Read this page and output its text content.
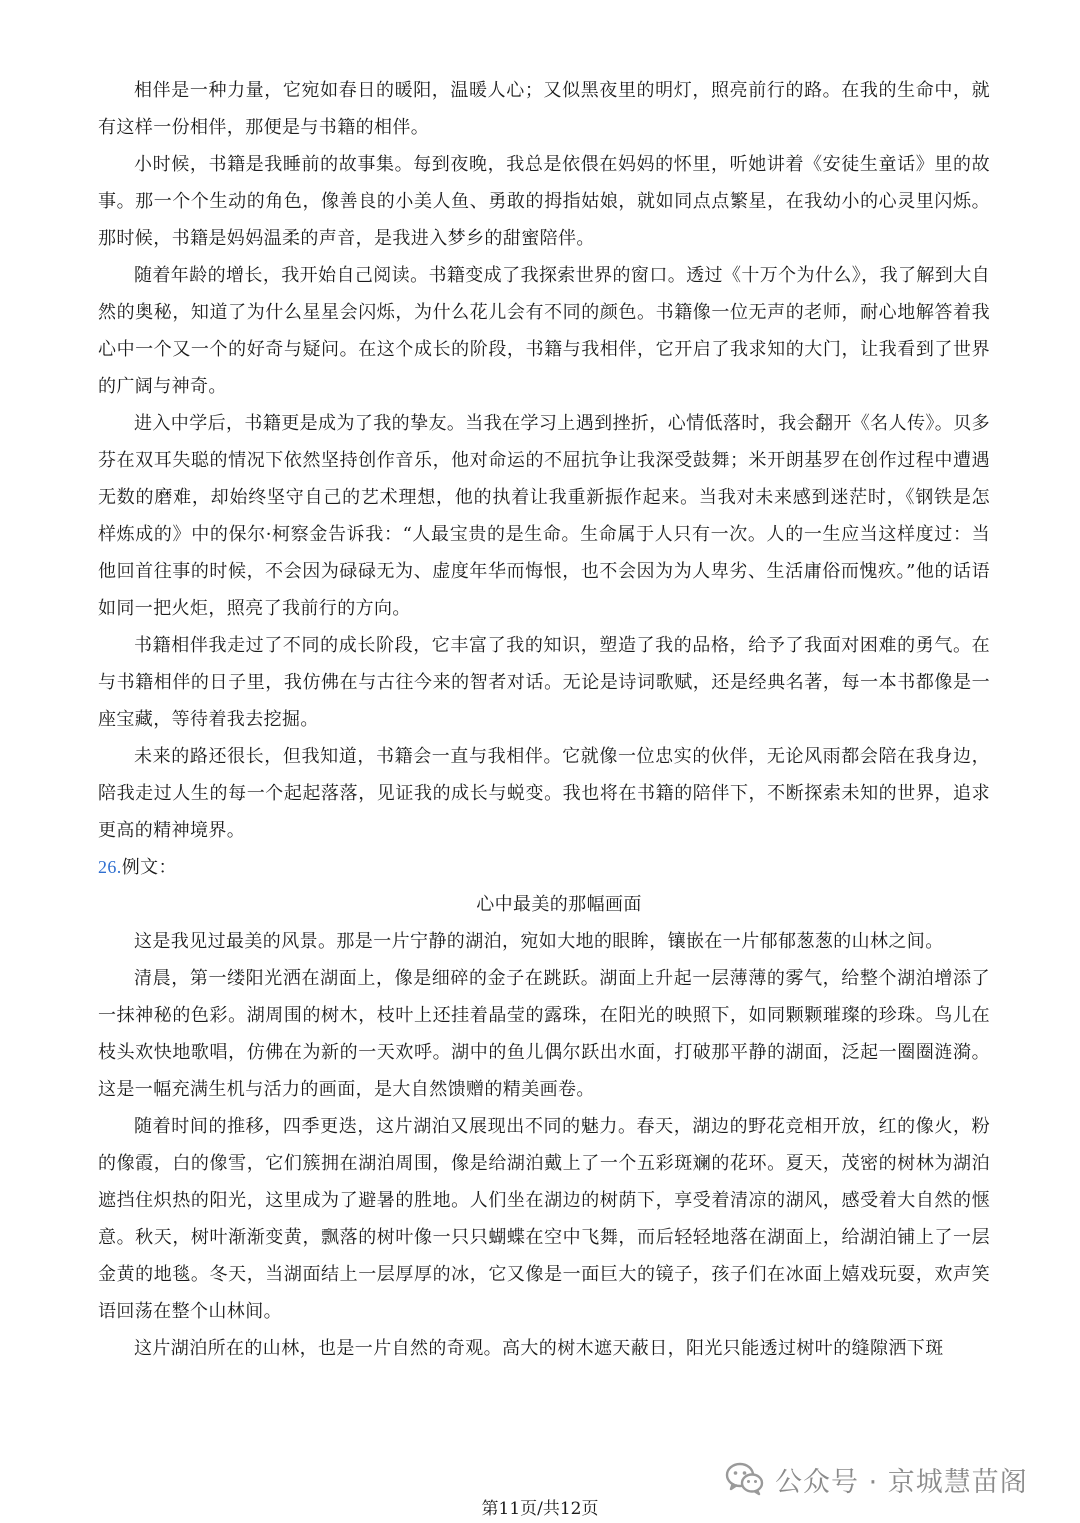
相伴是一种力量，它宛如春日的暖阳，温暖人心；又似黑夜里的明灯，照亮前行的路。在我的生命中，就有这样一份相伴，那便是与书籍的相伴。

小时候，书籍是我睡前的故事集。每到夜晚，我总是依偎在妈妈的怀里，听她讲着《安徒生童话》里的故事。那一个个生动的角色，像善良的小美人鱼、勇敢的拇指姑娘，就如同点点繁星，在我幼小的心灵里闪烁。那时候，书籍是妈妈温柔的声音，是我进入梦乡的甜蜜陪伴。

随着年龄的增长，我开始自己阅读。书籍变成了我探索世界的窗口。透过《十万个为什么》，我了解到大自然的奥秘，知道了为什么星星会闪烁，为什么花儿会有不同的颜色。书籍像一位无声的老师，耐心地解答着我心中一个又一个的好奇与疑问。在这个成长的阶段，书籍与我相伴，它开启了我求知的大门，让我看到了世界的广阔与神奇。

进入中学后，书籍更是成为了我的挚友。当我在学习上遇到挫折，心情低落时，我会翻开《名人传》。贝多芬在双耳失聪的情况下依然坚持创作音乐，他对命运的不屈抗争让我深受鼓舞；米开朗基罗在创作过程中遭遇无数的磨难，却始终坚守自己的艺术理想，他的执着让我重新振作起来。当我对未来感到迷茫时，《钢铁是怎样炼成的》中的保尔·柯察金告诉我：“人最宝贵的是生命。生命属于人只有一次。人的一生应当这样度过：当他回首往事的时候，不会因为碌碌无为、虚度年华而悔恨，也不会因为为人卑劣、生活庸俗而愧疚。”他的话语如同一把火炬，照亮了我前行的方向。

书籍相伴我走过了不同的成长阶段，它丰富了我的知识，塑造了我的品格，给予了我面对困难的勇气。在与书籍相伴的日子里，我仿佛在与古往今来的智者对话。无论是诗词歌赋，还是经典名著，每一本书都像是一座宝藏，等待着我去挖掘。

未来的路还很长，但我知道，书籍会一直与我相伴。它就像一位忠实的伙伴，无论风雨都会陪在我身边，陪我走过人生的每一个起起落落，见证我的成长与蜕变。我也将在书籍的陪伴下，不断探索未知的世界，追求更高的精神境界。

26.例文：

心中最美的那幅画面

这是我见过最美的风景。那是一片宁静的湖泊，宛如大地的眼眸，镶嵌在一片郁郁葱葱的山林之间。

清晨，第一缕阳光洒在湖面上，像是细碎的金子在跳跃。湖面上升起一层薄薄的雾气，给整个湖泊增添了一抹神秘的色彩。湖周围的树木，枝叶上还挂着晶莹的露珠，在阳光的映照下，如同颗颗璀璨的珍珠。鸟儿在枝头欢快地歌唱，仿佛在为新的一天欢呼。湖中的鱼儿偶尔跃出水面，打破那平静的湖面，泛起一圈圈涟漪。这是一幅充满生机与活力的画面，是大自然馈赠的精美画卷。

随着时间的推移，四季更迭，这片湖泊又展现出不同的魅力。春天，湖边的野花竞相开放，红的像火，粉的像霞，白的像雪，它们簇拥在湖泊周围，像是给湖泊戴上了一个五彩斑斓的花环。夏天，茂密的树林为湖泊遮挡住炽热的阳光，这里成为了避暑的胜地。人们坐在湖边的树荫下，享受着清凉的湖风，感受着大自然的惬意。秋天，树叶渐渐变黄，飘落的树叶像一只只蝴蝶在空中飞舞，而后轻轻地落在湖面上，给湖泊铺上了一层金黄的地毯。冬天，当湖面结上一层厚厚的冰，它又像是一面巨大的镜子，孩子们在冰面上嬉戏玩耍，欢声笑语回荡在整个山林间。

这片湖泊所在的山林，也是一片自然的奇观。高大的树木遮天蔽日，阳光只能透过树叶的缝隙洒下斑

公众号 · 京城慧苗阁
第11页/共12页
